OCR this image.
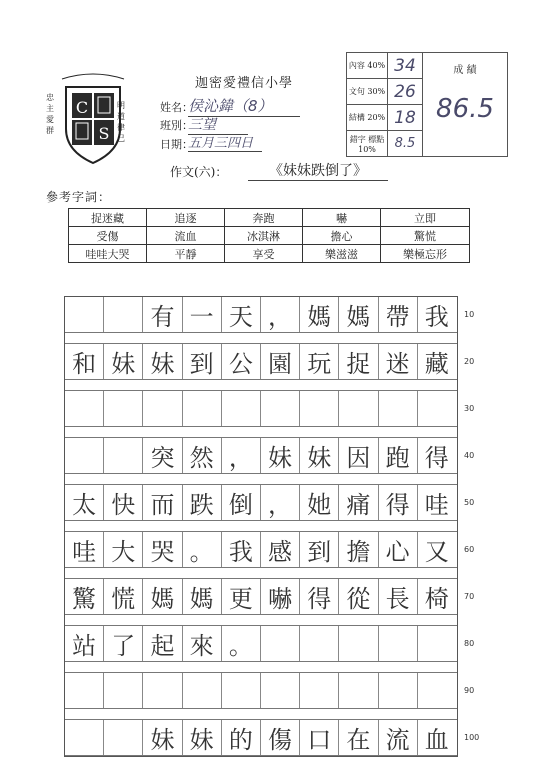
迦密愛禮信小學
C
S
忠主愛群
明道律己
姓名：
侯沁鍏（8）
班別：
三望
日期：
五月三四日
內容 40%	34	成 績
86.5

文句 30%	26	
結構 20%	18	
錯字 標點 10%	8.5	
作文(六)：	《妹妹跌倒了》
參考字詞：
捉迷藏	追逐	奔跑	嚇	立即
受傷	流血	冰淇淋	擔心	驚慌
哇哇大哭	平靜	享受	樂滋滋	樂極忘形
有 一 天 ， 媽 媽 帶 我
和 妹 妹 到 公 園 玩 捉 迷 藏
突 然 ， 妹 妹 因 跑 得
太 快 而 跌 倒 ， 她 痛 得 哇
哇 大 哭 。 我 感 到 擔 心 又
驚 慌 媽 媽 更 嚇 得 從 長 椅
站 了 起 來 。
妹 妹 的 傷 口 在 流 血
10
20
30
40
50
60
70
80
90
100
